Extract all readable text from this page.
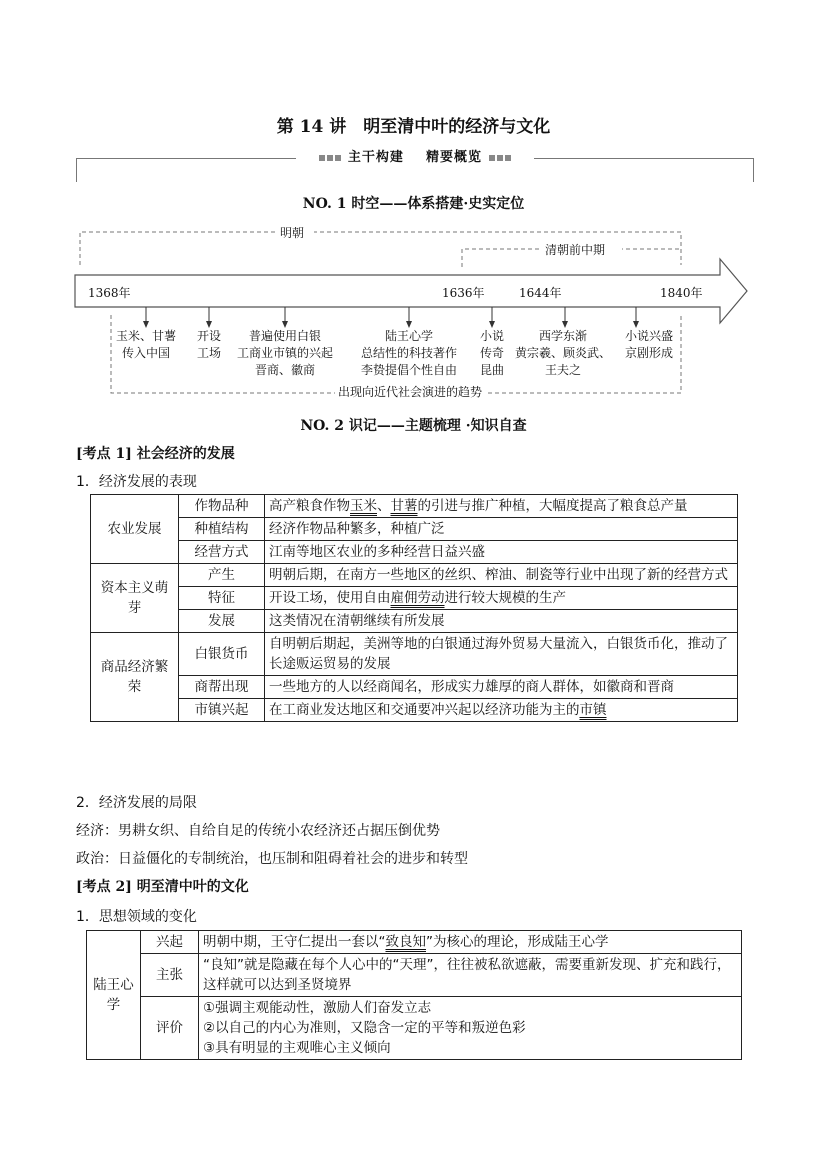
第 14 讲　明至清中叶的经济与文化
主干构建 精要概览
NO. 1 时空——体系搭建·史实定位
明朝
清朝前中期
1368年	1636年	1644年	1840年
玉米、甘薯
传入中国
开设
工场
普遍使用白银
工商业市镇的兴起
晋商、徽商
陆王心学
总结性的科技著作
李贽提倡个性自由
小说
传奇
昆曲
西学东渐
黄宗羲、顾炎武、
王夫之
小说兴盛
京剧形成
出现向近代社会演进的趋势
NO. 2 识记——主题梳理 ·知识自查
[考点 1] 社会经济的发展
1．经济发展的表现
农业发展	作物品种	高产粮食作物玉米、甘薯的引进与推广种植，大幅度提高了粮食总产量
	种植结构	经济作物品种繁多，种植广泛
	经营方式	江南等地区农业的多种经营日益兴盛
资本主义萌芽	产生	明朝后期，在南方一些地区的丝织、榨油、制瓷等行业中出现了新的经营方式
	特征	开设工场，使用自由雇佣劳动进行较大规模的生产
	发展	这类情况在清朝继续有所发展
商品经济繁荣	白银货币	自明朝后期起，美洲等地的白银通过海外贸易大量流入，白银货币化，推动了长途贩运贸易的发展
	商帮出现	一些地方的人以经商闻名，形成实力雄厚的商人群体，如徽商和晋商
	市镇兴起	在工商业发达地区和交通要冲兴起以经济功能为主的市镇
2．经济发展的局限
经济：男耕女织、自给自足的传统小农经济还占据压倒优势
政治：日益僵化的专制统治，也压制和阻碍着社会的进步和转型
[考点 2] 明至清中叶的文化
1．思想领域的变化
陆王心学	兴起	明朝中期，王守仁提出一套以“致良知”为核心的理论，形成陆王心学
	主张	“良知”就是隐藏在每个人心中的“天理”，往往被私欲遮蔽，需要重新发现、扩充和践行，这样就可以达到圣贤境界
	评价	①强调主观能动性，激励人们奋发立志
②以自己的内心为准则，又隐含一定的平等和叛逆色彩
③具有明显的主观唯心主义倾向
